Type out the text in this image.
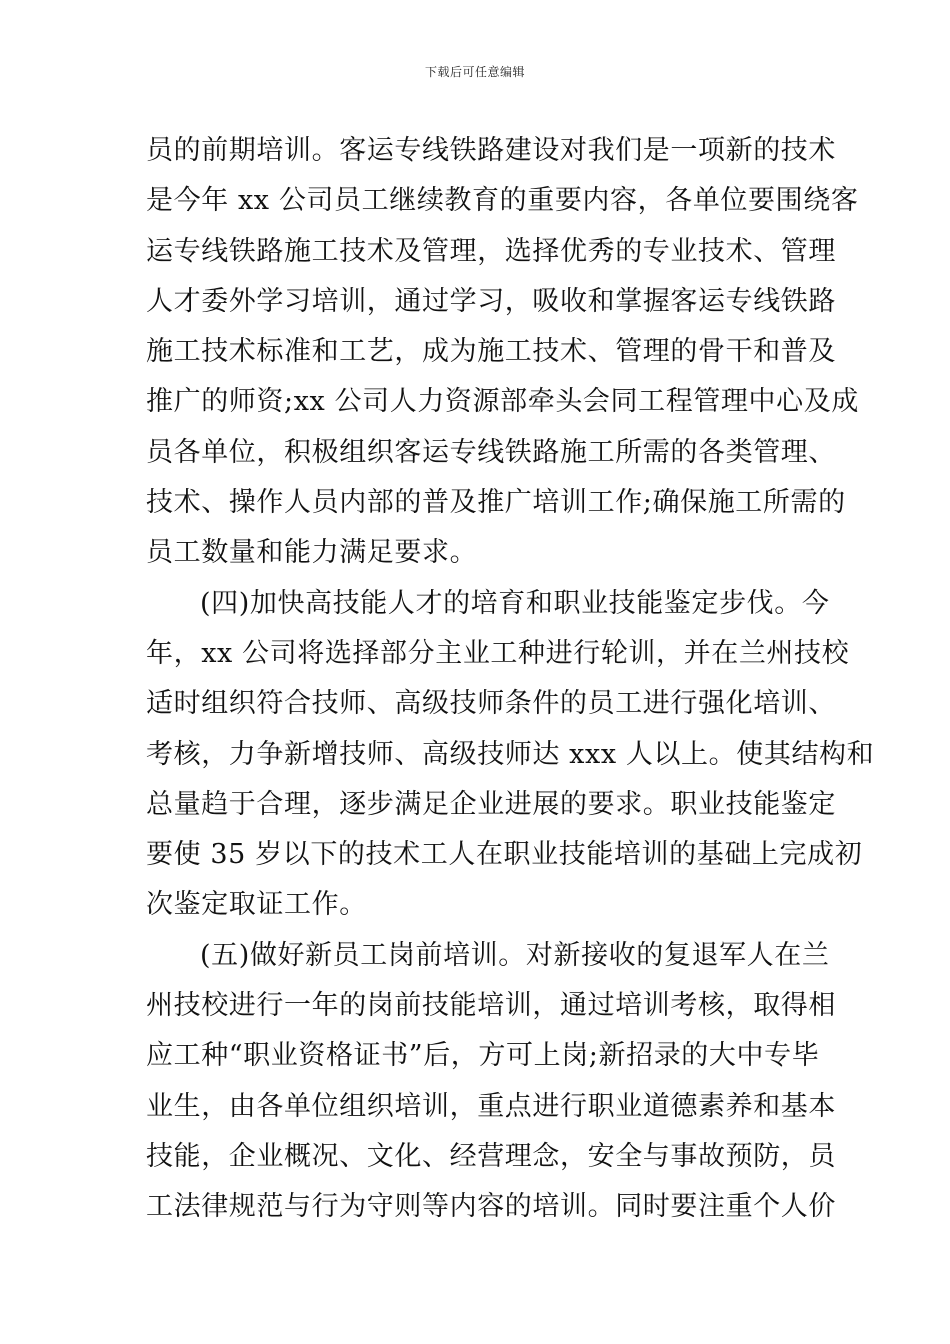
下载后可任意编辑
员的前期培训。客运专线铁路建设对我们是一项新的技术
是今年 xx 公司员工继续教育的重要内容，各单位要围绕客
运专线铁路施工技术及管理，选择优秀的专业技术、管理
人才委外学习培训，通过学习，吸收和掌握客运专线铁路
施工技术标准和工艺，成为施工技术、管理的骨干和普及
推广的师资;xx 公司人力资源部牵头会同工程管理中心及成
员各单位，积极组织客运专线铁路施工所需的各类管理、
技术、操作人员内部的普及推广培训工作;确保施工所需的
员工数量和能力满足要求。
(四)加快高技能人才的培育和职业技能鉴定步伐。今
年，xx 公司将选择部分主业工种进行轮训，并在兰州技校
适时组织符合技师、高级技师条件的员工进行强化培训、
考核，力争新增技师、高级技师达 xxx 人以上。使其结构和
总量趋于合理，逐步满足企业进展的要求。职业技能鉴定
要使 35 岁以下的技术工人在职业技能培训的基础上完成初
次鉴定取证工作。
(五)做好新员工岗前培训。对新接收的复退军人在兰
州技校进行一年的岗前技能培训，通过培训考核，取得相
应工种“职业资格证书”后，方可上岗;新招录的大中专毕
业生，由各单位组织培训，重点进行职业道德素养和基本
技能，企业概况、文化、经营理念，安全与事故预防，员
工法律规范与行为守则等内容的培训。同时要注重个人价
